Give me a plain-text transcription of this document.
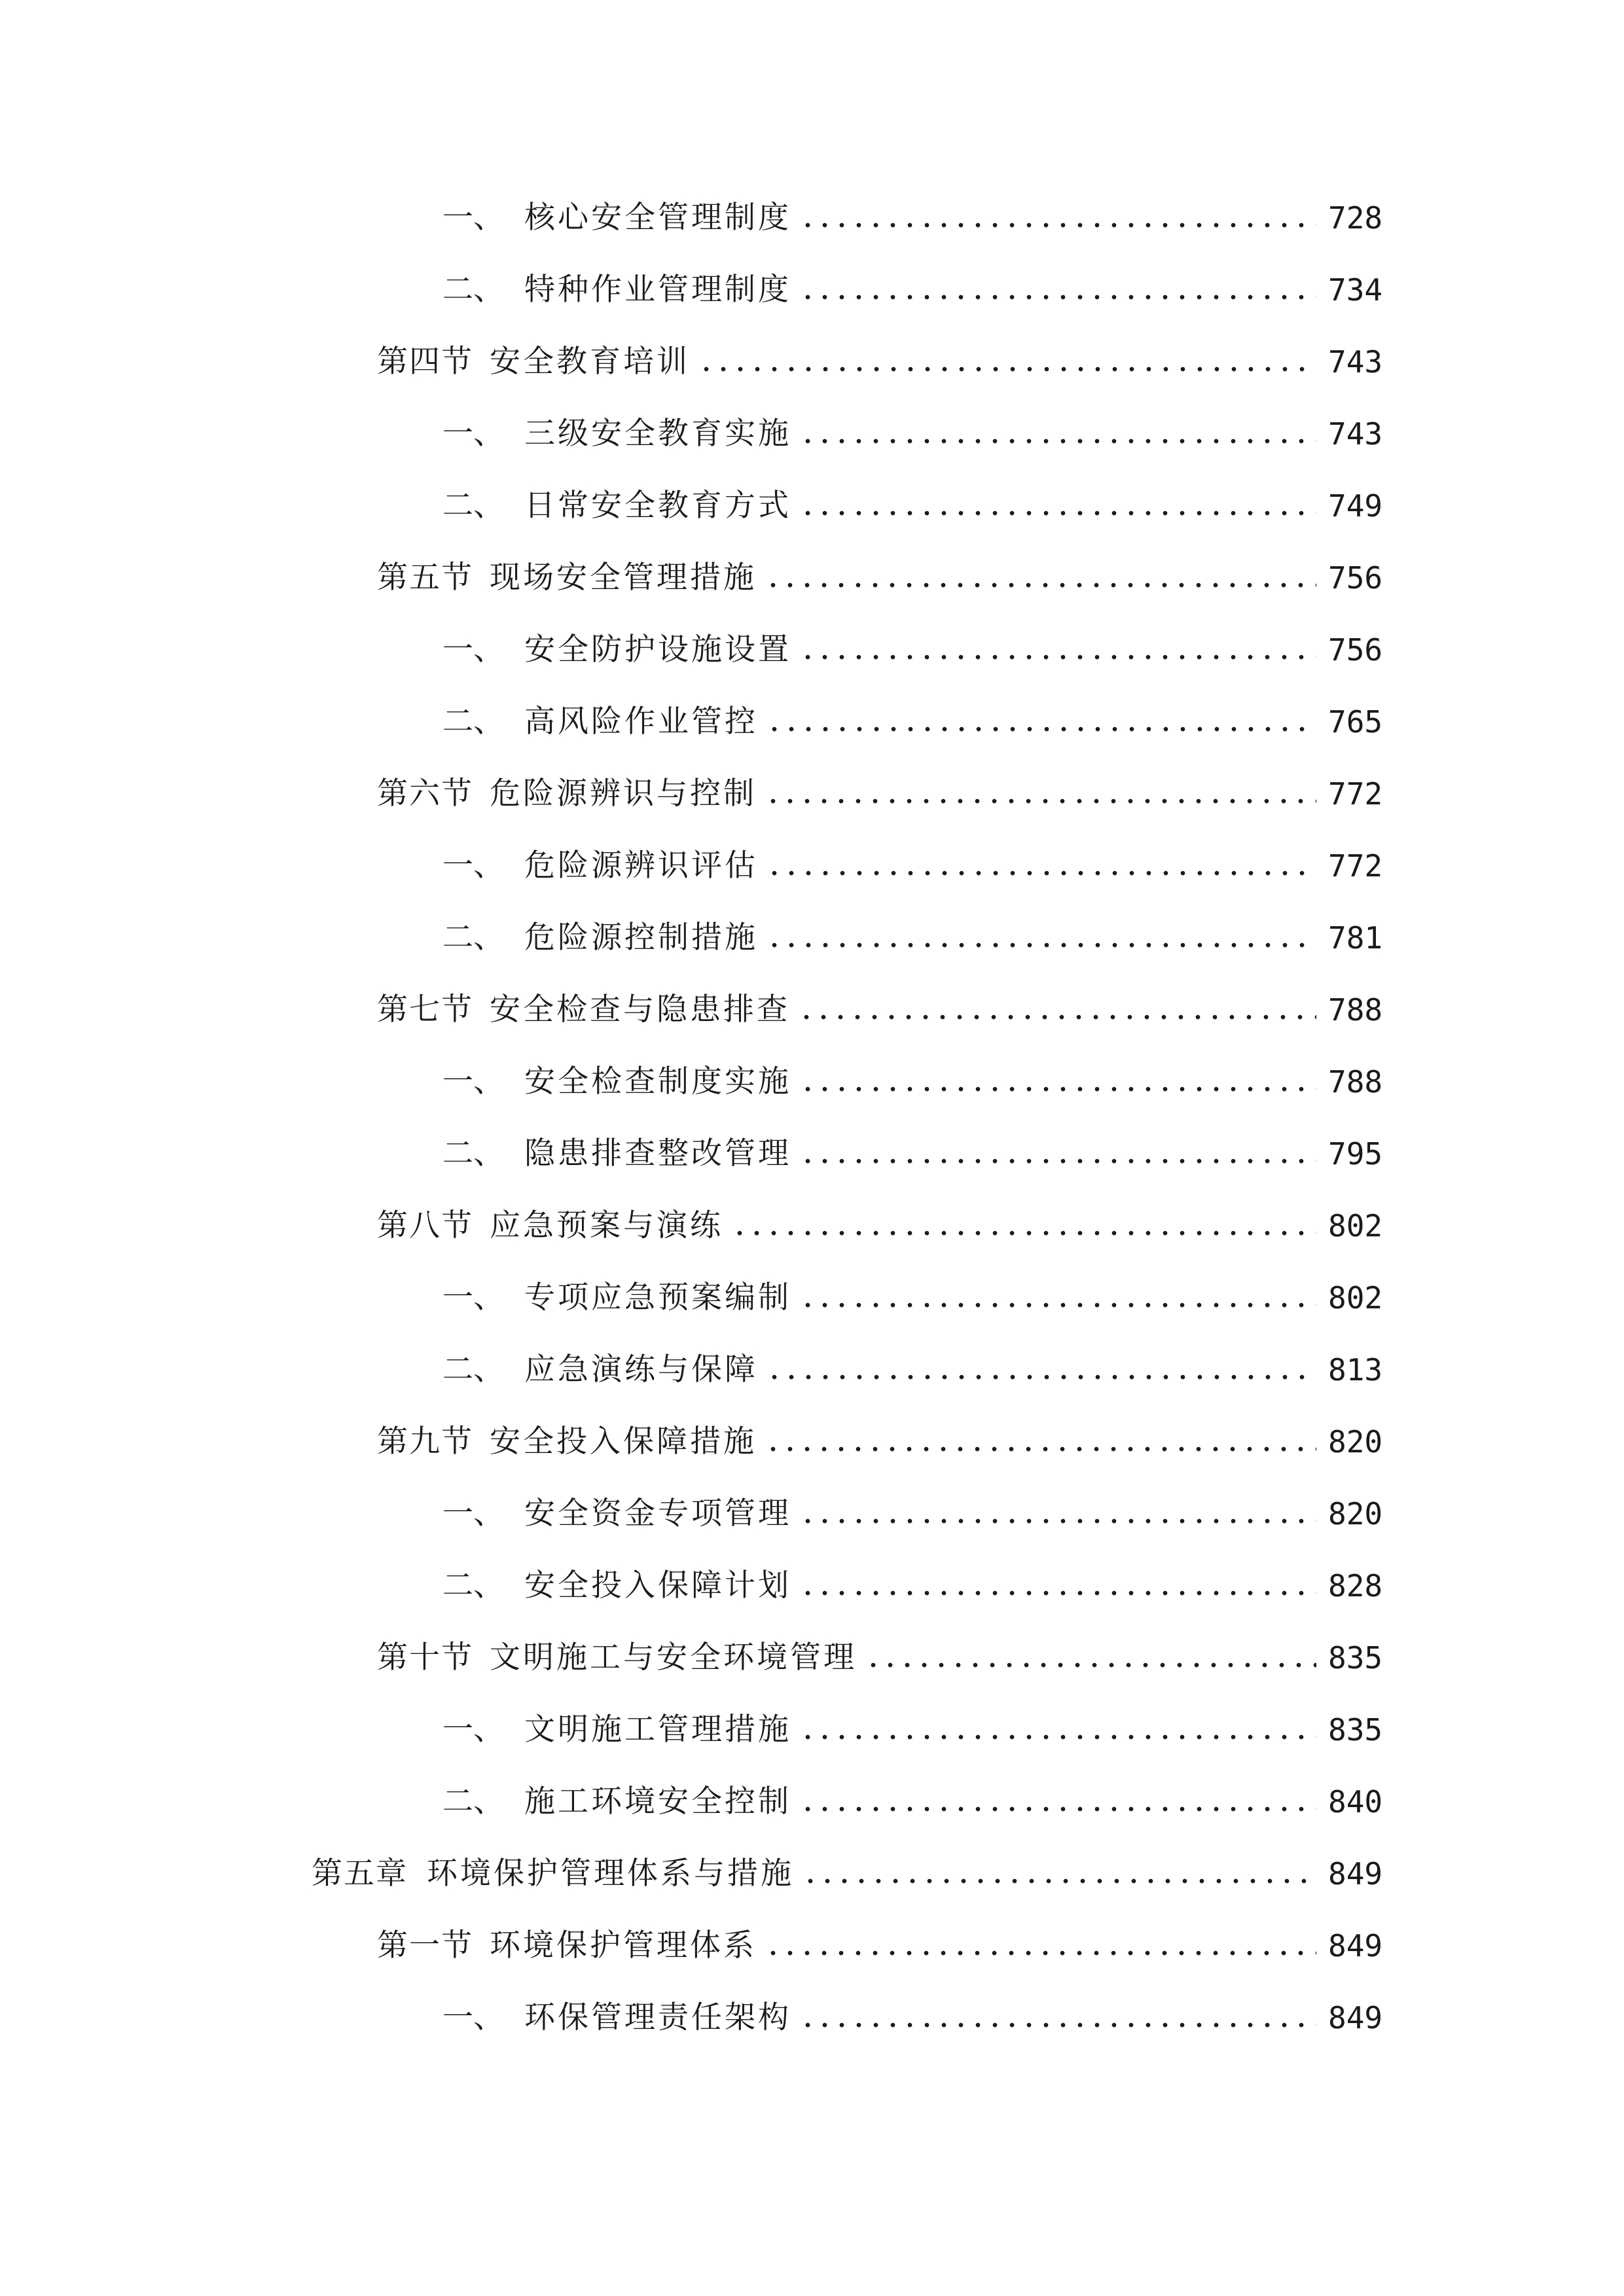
一、 核心安全管理制度	728
二、 特种作业管理制度	734
第四节 安全教育培训	743
一、 三级安全教育实施	743
二、 日常安全教育方式	749
第五节 现场安全管理措施	756
一、 安全防护设施设置	756
二、 高风险作业管控	765
第六节 危险源辨识与控制	772
一、 危险源辨识评估	772
二、 危险源控制措施	781
第七节 安全检查与隐患排查	788
一、 安全检查制度实施	788
二、 隐患排查整改管理	795
第八节 应急预案与演练	802
一、 专项应急预案编制	802
二、 应急演练与保障	813
第九节 安全投入保障措施	820
一、 安全资金专项管理	820
二、 安全投入保障计划	828
第十节 文明施工与安全环境管理	835
一、 文明施工管理措施	835
二、 施工环境安全控制	840
第五章 环境保护管理体系与措施	849
第一节 环境保护管理体系	849
一、 环保管理责任架构	849
